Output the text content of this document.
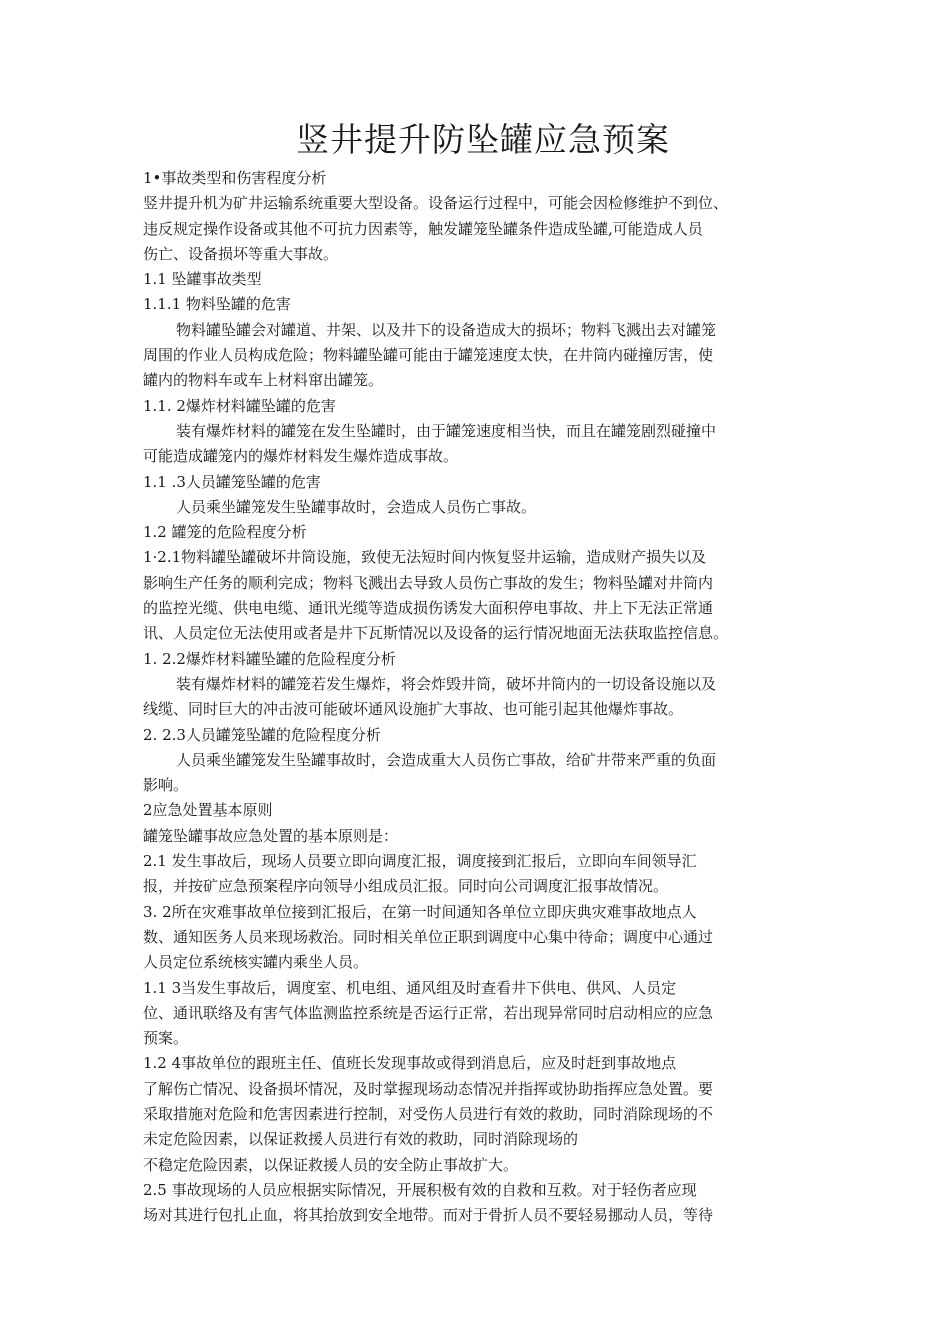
竖井提升防坠罐应急预案

1•事故类型和伤害程度分析

竖井提升机为矿井运输系统重要大型设备。设备运行过程中，可能会因检修维护不到位、

违反规定操作设备或其他不可抗力因素等，触发罐笼坠罐条件造成坠罐,可能造成人员

伤亡、设备损坏等重大事故。

1.1 坠罐事故类型

1.1.1 物料坠罐的危害

物料罐坠罐会对罐道、井架、以及井下的设备造成大的损坏；物料飞溅出去对罐笼

周围的作业人员构成危险；物料罐坠罐可能由于罐笼速度太快，在井筒内碰撞厉害，使

罐内的物料车或车上材料窜出罐笼。

1.1. 2爆炸材料罐坠罐的危害

装有爆炸材料的罐笼在发生坠罐时，由于罐笼速度相当快，而且在罐笼剧烈碰撞中

可能造成罐笼内的爆炸材料发生爆炸造成事故。

1.1 .3人员罐笼坠罐的危害

人员乘坐罐笼发生坠罐事故时，会造成人员伤亡事故。

1.2 罐笼的危险程度分析

1·2.1物料罐坠罐破坏井筒设施，致使无法短时间内恢复竖井运输，造成财产损失以及

影响生产任务的顺利完成；物料飞溅出去导致人员伤亡事故的发生；物料坠罐对井筒内

的监控光缆、供电电缆、通讯光缆等造成损伤诱发大面积停电事故、井上下无法正常通

讯、人员定位无法使用或者是井下瓦斯情况以及设备的运行情况地面无法获取监控信息。

1. 2.2爆炸材料罐坠罐的危险程度分析

装有爆炸材料的罐笼若发生爆炸，将会炸毁井筒，破坏井筒内的一切设备设施以及

线缆、同时巨大的冲击波可能破坏通风设施扩大事故、也可能引起其他爆炸事故。

2. 2.3人员罐笼坠罐的危险程度分析

人员乘坐罐笼发生坠罐事故时，会造成重大人员伤亡事故，给矿井带来严重的负面

影响。

2应急处置基本原则

罐笼坠罐事故应急处置的基本原则是：

2.1 发生事故后，现场人员要立即向调度汇报，调度接到汇报后，立即向车间领导汇

报，并按矿应急预案程序向领导小组成员汇报。同时向公司调度汇报事故情况。

3. 2所在灾难事故单位接到汇报后，在第一时间通知各单位立即庆典灾难事故地点人

数、通知医务人员来现场救治。同时相关单位正职到调度中心集中待命；调度中心通过

人员定位系统核实罐内乘坐人员。

1.1 3当发生事故后，调度室、机电组、通风组及时查看井下供电、供风、人员定

位、通讯联络及有害气体监测监控系统是否运行正常，若出现异常同时启动相应的应急

预案。

1.2 4事故单位的跟班主任、值班长发现事故或得到消息后，应及时赶到事故地点

了解伤亡情况、设备损坏情况，及时掌握现场动态情况并指挥或协助指挥应急处置。要

采取措施对危险和危害因素进行控制，对受伤人员进行有效的救助，同时消除现场的不

未定危险因素，以保证救援人员进行有效的救助，同时消除现场的

不稳定危险因素，以保证救援人员的安全防止事故扩大。

2.5 事故现场的人员应根据实际情况，开展积极有效的自救和互救。对于轻伤者应现

场对其进行包扎止血，将其抬放到安全地带。而对于骨折人员不要轻易挪动人员，等待
